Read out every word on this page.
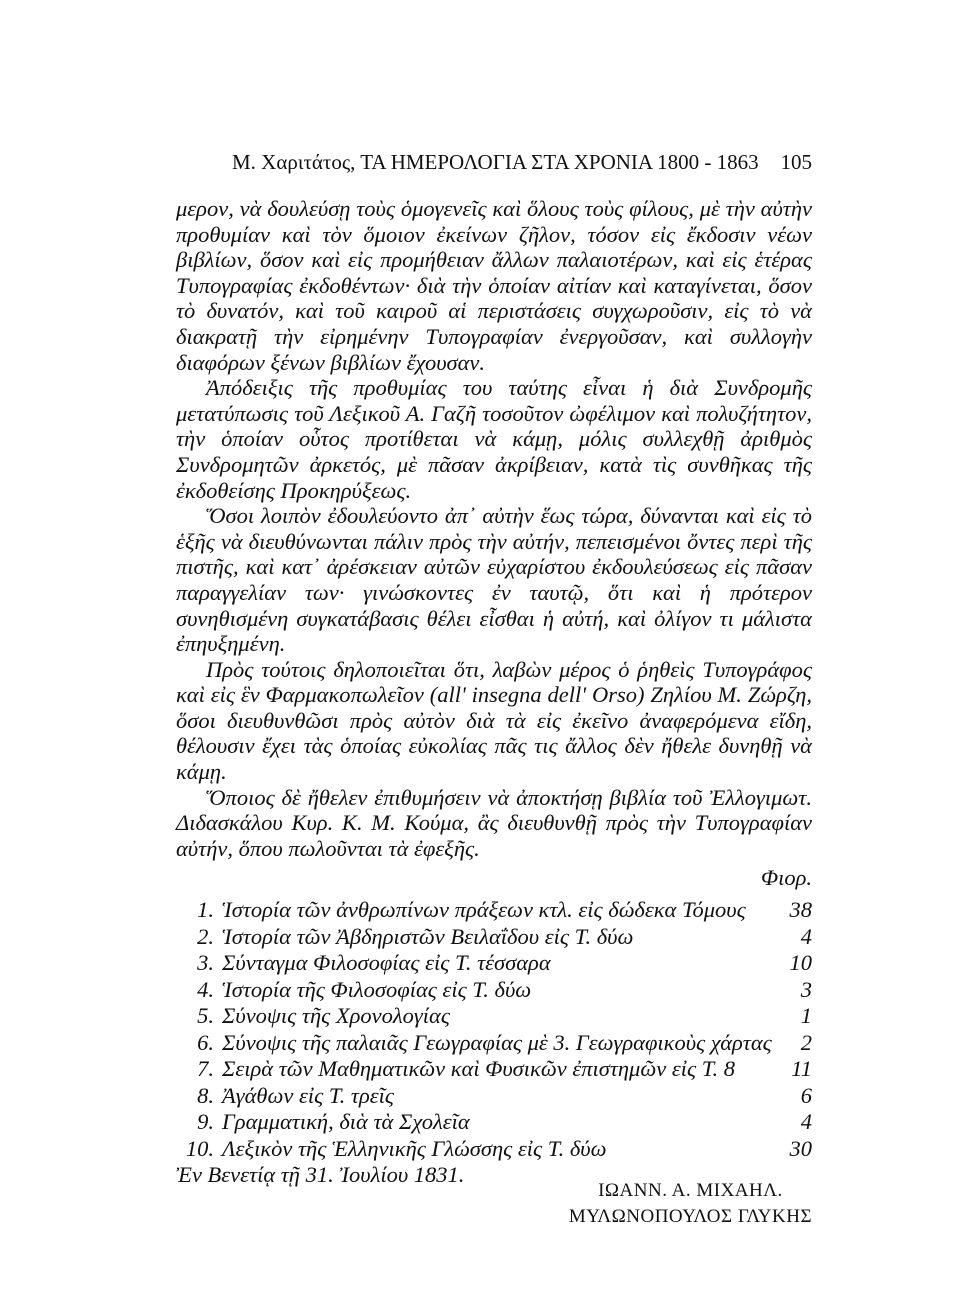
Μ. Χαριτάτος, ΤΑ ΗΜΕΡΟΛΟΓΙΑ ΣΤΑ ΧΡΟΝΙΑ 1800 - 1863 105

μερον, νὰ δουλεύσῃ τοὺς ὁμογενεῖς καὶ ὅλους τοὺς φίλους, μὲ τὴν αὐτὴν προθυμίαν καὶ τὸν ὅμοιον ἐκείνων ζῆλον, τόσον εἰς ἔκδοσιν νέων βιβλίων, ὅσον καὶ εἰς προμήθειαν ἄλλων παλαιοτέρων, καὶ εἰς ἑτέρας Τυπογραφίας ἐκδοθέντων· διὰ τὴν ὁποίαν αἰτίαν καὶ καταγίνεται, ὅσον τὸ δυνατόν, καὶ τοῦ καιροῦ αἱ περιστάσεις συγχωροῦσιν, εἰς τὸ νὰ διακρατῇ τὴν εἰρημένην Τυπογραφίαν ἐνεργοῦσαν, καὶ συλλογὴν διαφόρων ξένων βιβλίων ἔχουσαν.

Ἀπόδειξις τῆς προθυμίας του ταύτης εἶναι ἡ διὰ Συνδρομῆς μετατύπωσις τοῦ Λεξικοῦ Α. Γαζῆ τοσοῦτον ὠφέλιμον καὶ πολυζήτητον, τὴν ὁποίαν οὗτος προτίθεται νὰ κάμῃ, μόλις συλλεχθῇ ἀριθμὸς Συνδρομητῶν ἀρκετός, μὲ πᾶσαν ἀκρίβειαν, κατὰ τὶς συνθῆκας τῆς ἐκδοθείσης Προκηρύξεως.

Ὅσοι λοιπὸν ἐδουλεύοντο ἀπ᾿ αὐτὴν ἕως τώρα, δύνανται καὶ εἰς τὸ ἑξῆς νὰ διευθύνωνται πάλιν πρὸς τὴν αὐτήν, πεπεισμένοι ὄντες περὶ τῆς πιστῆς, καὶ κατ᾿ ἀρέσκειαν αὐτῶν εὐχαρίστου ἐκδουλεύσεως εἰς πᾶσαν παραγγελίαν των· γινώσκοντες ἐν ταυτῷ, ὅτι καὶ ἡ πρότερον συνηθισμένη συγκατάβασις θέλει εἶσθαι ἡ αὐτή, καὶ ὀλίγον τι μάλιστα ἐπηυξημένη.

Πρὸς τούτοις δηλοποιεῖται ὅτι, λαβὼν μέρος ὁ ῥηθεὶς Τυπογράφος καὶ εἰς ἓν Φαρμακοπωλεῖον (all' insegna dell' Orso) Ζηλίου Μ. Ζώρζη, ὅσοι διευθυνθῶσι πρὸς αὐτὸν διὰ τὰ εἰς ἐκεῖνο ἀναφερόμενα εἴδη, θέλουσιν ἔχει τὰς ὁποίας εὐκολίας πᾶς τις ἄλλος δὲν ἤθελε δυνηθῇ νὰ κάμῃ.

Ὅποιος δὲ ἤθελεν ἐπιθυμήσειν νὰ ἀποκτήσῃ βιβλία τοῦ Ἐλλογιμωτ. Διδασκάλου Κυρ. Κ. Μ. Κούμα, ἂς διευθυνθῇ πρὸς τὴν Τυπογραφίαν αὐτήν, ὅπου πωλοῦνται τὰ ἐφεξῆς.

Φιορ.
1. Ἱστορία τῶν ἀνθρωπίνων πράξεων κτλ. εἰς δώδεκα Τόμους	38
2. Ἱστορία τῶν Ἀβδηριστῶν Βειλαΐδου εἰς Τ. δύω	4
3. Σύνταγμα Φιλοσοφίας εἰς Τ. τέσσαρα	10
4. Ἱστορία τῆς Φιλοσοφίας εἰς Τ. δύω	3
5. Σύνοψις τῆς Χρονολογίας	1
6. Σύνοψις τῆς παλαιᾶς Γεωγραφίας μὲ 3. Γεωγραφικοὺς χάρτας	2
7. Σειρὰ τῶν Μαθηματικῶν καὶ Φυσικῶν ἐπιστημῶν εἰς Τ. 8	11
8. Ἀγάθων εἰς Τ. τρεῖς	6
9. Γραμματική, διὰ τὰ Σχολεῖα	4
10. Λεξικὸν τῆς Ἑλληνικῆς Γλώσσης εἰς Τ. δύω	30
Ἐν Βενετίᾳ τῇ 31. Ἰουλίου 1831.
ΙΩΑΝΝ. Α. ΜΙΧΑΗΛ.
ΜΥΛΩΝΟΠΟΥΛΟΣ ΓΛΥΚΗΣ
